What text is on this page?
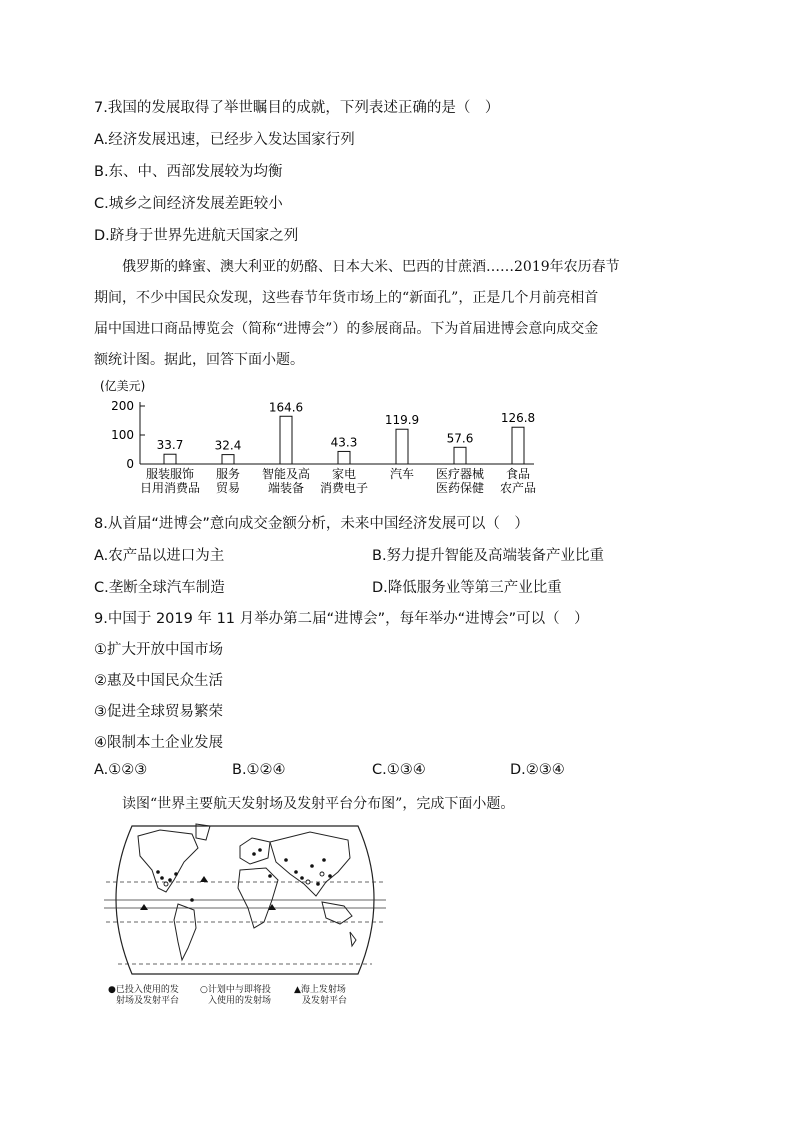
7.我国的发展取得了举世瞩目的成就，下列表述正确的是（　）
A.经济发展迅速，已经步入发达国家行列
B.东、中、西部发展较为均衡
C.城乡之间经济发展差距较小
D.跻身于世界先进航天国家之列
俄罗斯的蜂蜜、澳大利亚的奶酪、日本大米、巴西的甘蔗酒……2019年农历春节
期间，不少中国民众发现，这些春节年货市场上的“新面孔”，正是几个月前亮相首
届中国进口商品博览会（简称“进博会”）的参展商品。下为首届进博会意向成交金
额统计图。据此，回答下面小题。
(亿美元)
200
100
0
33.7
服装服饰
日用消费品
32.4
服务
贸易
164.6
智能及高
端装备
43.3
家电
消费电子
119.9
汽车
57.6
医疗器械
医药保健
126.8
食品
农产品
8.从首届“进博会”意向成交金额分析，未来中国经济发展可以（　）
A.农产品以进口为主	B.努力提升智能及高端装备产业比重
C.垄断全球汽车制造	D.降低服务业等第三产业比重
9.中国于 2019 年 11 月举办第二届“进博会”，每年举办“进博会”可以（　）
①扩大开放中国市场
②惠及中国民众生活
③促进全球贸易繁荣
④限制本土企业发展
A.①②③	B.①②④	C.①③④	D.②③④
读图“世界主要航天发射场及发射平台分布图”，完成下面小题。
●已投入使用的发
射场及发射平台
○计划中与即将投
入使用的发射场
▲海上发射场
及发射平台
